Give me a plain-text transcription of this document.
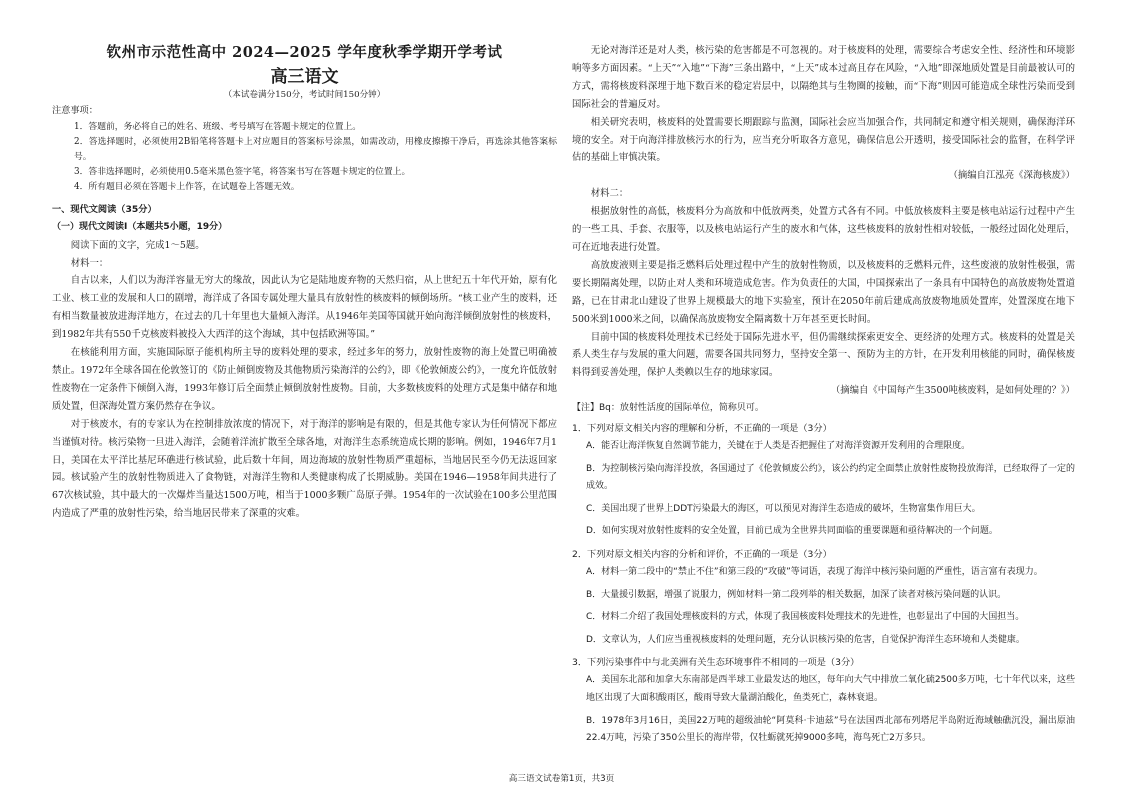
钦州市示范性高中 2024—2025 学年度秋季学期开学考试
高三语文
（本试卷满分150分，考试时间150分钟）

注意事项：

1．答题前，务必将自己的姓名、班级、考号填写在答题卡规定的位置上。

2．答选择题时，必须使用2B铅笔将答题卡上对应题目的答案标号涂黑，如需改动，用橡皮擦擦干净后，再选涂其他答案标号。

3．答非选择题时，必须使用0.5毫米黑色签字笔，将答案书写在答题卡规定的位置上。

4．所有题目必须在答题卡上作答，在试题卷上答题无效。

一、现代文阅读（35分）

（一）现代文阅读Ⅰ（本题共5小题，19分）

阅读下面的文字，完成1～5题。

材料一：

自古以来，人们以为海洋容量无穷大的缘故，因此认为它是陆地废弃物的天然归宿，从上世纪五十年代开始，原有化工业、核工业的发展和人口的剧增，海洋成了各国专属处理大量具有放射性的核废料的倾倒场所。“核工业产生的废料，还有相当数量被放进海洋地方，在过去的几十年里也大量倾入海洋。从1946年美国等国就开始向海洋倾倒放射性的核废料，到1982年共有550千克核废料被投入大西洋的这个海域，其中包括欧洲等国。”

在核能利用方面，实施国际原子能机构所主导的废料处理的要求，经过多年的努力，放射性废物的海上处置已明确被禁止。1972年全球各国在伦敦签订的《防止倾倒废物及其他物质污染海洋的公约》，即《伦敦倾废公约》，一度允许低放射性废物在一定条件下倾倒入海，1993年修订后全面禁止倾倒放射性废物。目前，大多数核废料的处理方式是集中储存和地质处置，但深海处置方案仍然存在争议。

对于核废水，有的专家认为在控制排放浓度的情况下，对于海洋的影响是有限的，但是其他专家认为任何情况下都应当谨慎对待。核污染物一旦进入海洋，会随着洋流扩散至全球各地，对海洋生态系统造成长期的影响。例如，1946年7月1日，美国在太平洋比基尼环礁进行核试验，此后数十年间，周边海域的放射性物质严重超标，当地居民至今仍无法返回家园。核试验产生的放射性物质进入了食物链，对海洋生物和人类健康构成了长期威胁。美国在1946—1958年间共进行了67次核试验，其中最大的一次爆炸当量达1500万吨，相当于1000多颗广岛原子弹。1954年的一次试验在100多公里范围内造成了严重的放射性污染，给当地居民带来了深重的灾难。

无论对海洋还是对人类，核污染的危害都是不可忽视的。对于核废料的处理，需要综合考虑安全性、经济性和环境影响等多方面因素。“上天”“入地”“下海”三条出路中，“上天”成本过高且存在风险，“入地”即深地质处置是目前最被认可的方式，需将核废料深埋于地下数百米的稳定岩层中，以隔绝其与生物圈的接触，而“下海”则因可能造成全球性污染而受到国际社会的普遍反对。

相关研究表明，核废料的处置需要长期跟踪与监测，国际社会应当加强合作，共同制定和遵守相关规则，确保海洋环境的安全。对于向海洋排放核污水的行为，应当充分听取各方意见，确保信息公开透明，接受国际社会的监督，在科学评估的基础上审慎决策。

（摘编自江泓亮《深海核废》）

材料二：

根据放射性的高低，核废料分为高放和中低放两类，处置方式各有不同。中低放核废料主要是核电站运行过程中产生的一些工具、手套、衣服等，以及核电站运行产生的废水和气体，这些核废料的放射性相对较低，一般经过固化处理后，可在近地表进行处置。

高放废液则主要是指乏燃料后处理过程中产生的放射性物质，以及核废料的乏燃料元件，这些废液的放射性极强，需要长期隔离处理，以防止对人类和环境造成危害。作为负责任的大国，中国探索出了一条具有中国特色的高放废物处置道路，已在甘肃北山建设了世界上规模最大的地下实验室，预计在2050年前后建成高放废物地质处置库，处置深度在地下500米到1000米之间，以确保高放废物安全隔离数十万年甚至更长时间。

目前中国的核废料处理技术已经处于国际先进水平，但仍需继续探索更安全、更经济的处理方式。核废料的处置是关系人类生存与发展的重大问题，需要各国共同努力，坚持安全第一、预防为主的方针，在开发利用核能的同时，确保核废料得到妥善处理，保护人类赖以生存的地球家园。

（摘编自《中国每产生3500吨核废料，是如何处理的？》）

【注】Bq：放射性活度的国际单位，简称贝可。

1．下列对原文相关内容的理解和分析，不正确的一项是（3分）

A．能否让海洋恢复自然调节能力，关键在于人类是否把握住了对海洋资源开发利用的合理限度。

B．为控制核污染向海洋投放，各国通过了《伦敦倾废公约》，该公约约定全面禁止放射性废物投放海洋，已经取得了一定的成效。

C．美国出现了世界上DDT污染最大的海区，可以预见对海洋生态造成的破坏，生物富集作用巨大。

D．如何实现对放射性废料的安全处置，目前已成为全世界共同面临的重要课题和亟待解决的一个问题。

2．下列对原文相关内容的分析和评价，不正确的一项是（3分）

A．材料一第二段中的“禁止不住”和第三段的“攻破”等词语，表现了海洋中核污染问题的严重性，语言富有表现力。

B．大量援引数据，增强了说服力，例如材料一第二段列举的相关数据，加深了读者对核污染问题的认识。

C．材料二介绍了我国处理核废料的方式，体现了我国核废料处理技术的先进性，也彰显出了中国的大国担当。

D．文章认为，人们应当重视核废料的处理问题，充分认识核污染的危害，自觉保护海洋生态环境和人类健康。

3．下列污染事件中与北美洲有关生态环境事件不相同的一项是（3分）

A．美国东北部和加拿大东南部是西半球工业最发达的地区，每年向大气中排放二氧化硫2500多万吨，七十年代以来，这些地区出现了大面积酸雨区，酸雨导致大量湖泊酸化，鱼类死亡，森林衰退。

B．1978年3月16日，美国22万吨的超级油轮“阿莫科·卡迪兹”号在法国西北部布列塔尼半岛附近海域触礁沉没，漏出原油22.4万吨，污染了350公里长的海岸带，仅牡蛎就死掉9000多吨，海鸟死亡2万多只。

高三语文试卷第1页，共3页
